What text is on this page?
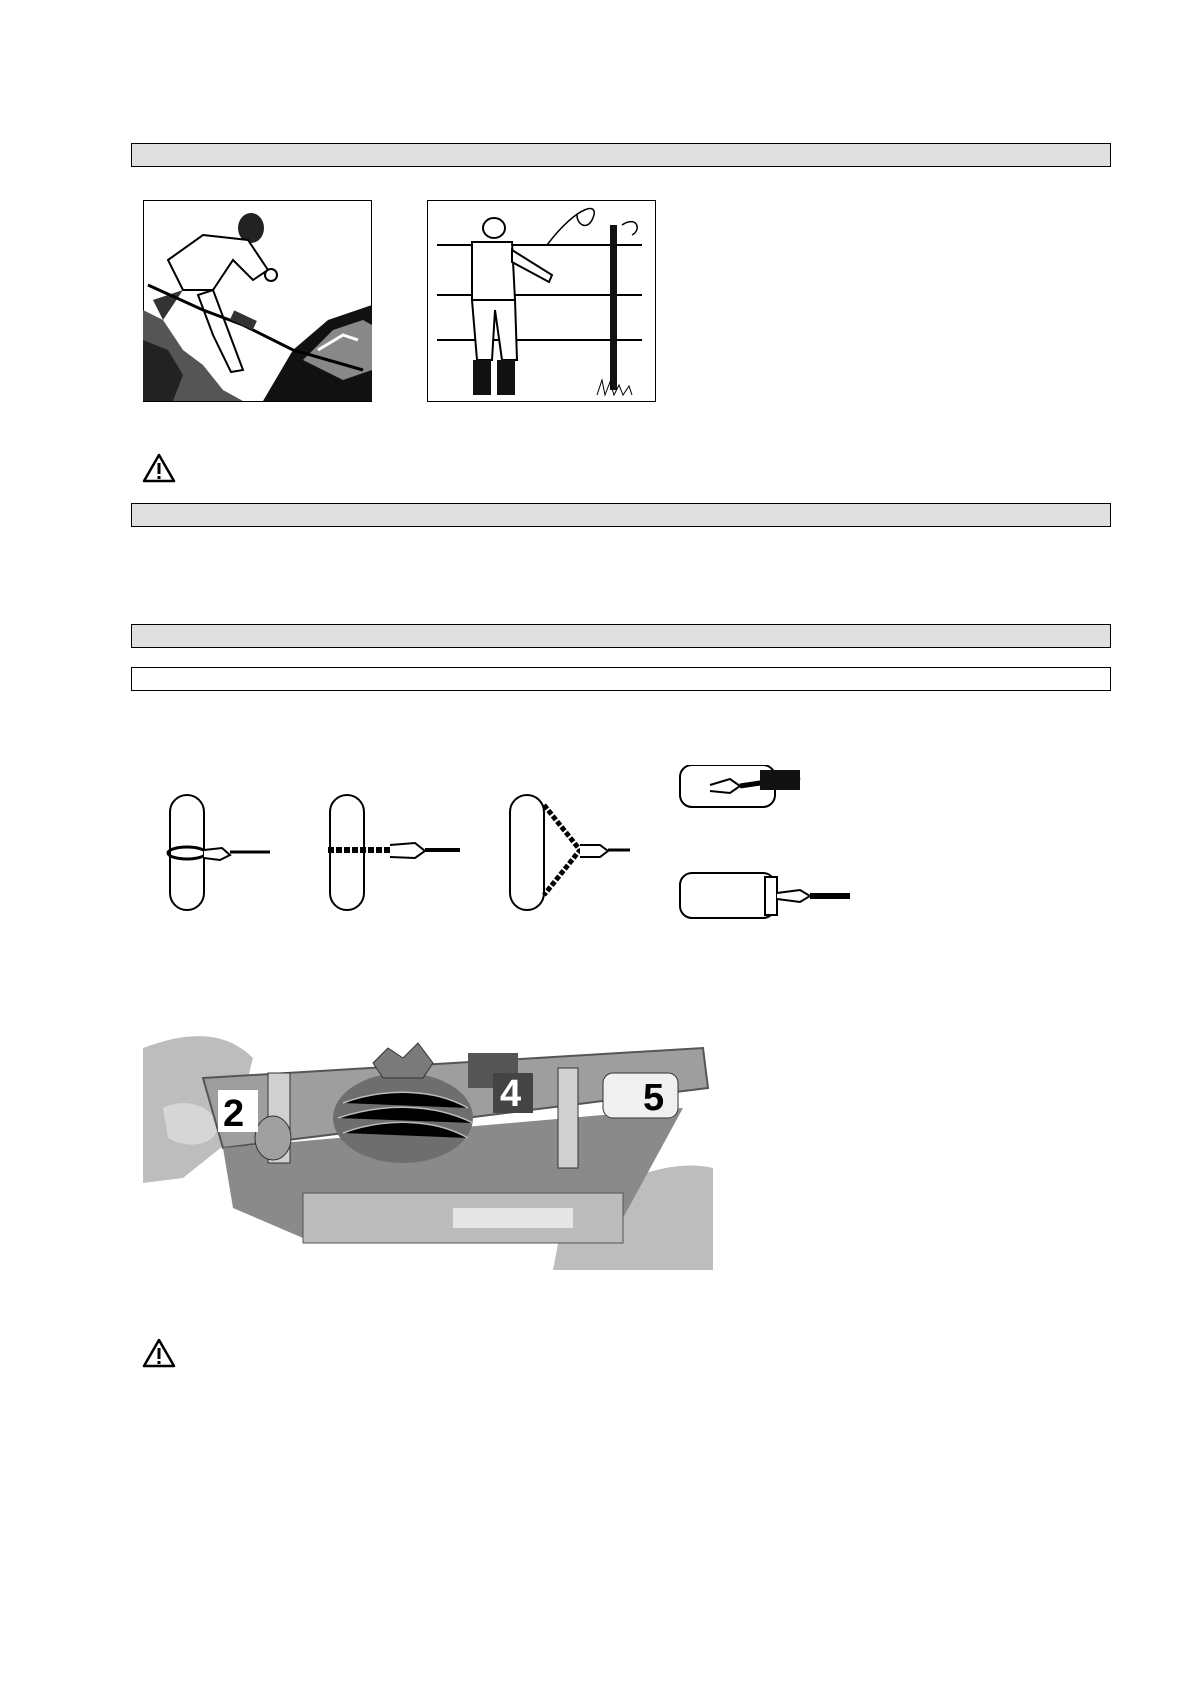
2	4	5
